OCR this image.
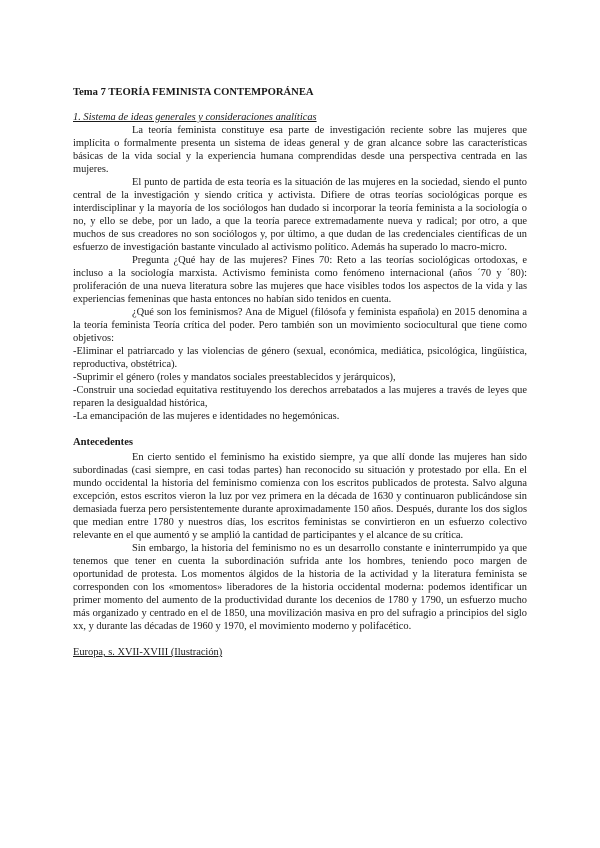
Tema 7 TEORÍA FEMINISTA CONTEMPORÁNEA
1. Sistema de ideas generales y consideraciones analíticas

La teoría feminista constituye esa parte de investigación reciente sobre las mujeres que implícita o formalmente presenta un sistema de ideas general y de gran alcance sobre las características básicas de la vida social y la experiencia humana comprendidas desde una perspectiva centrada en las mujeres.

El punto de partida de esta teoría es la situación de las mujeres en la sociedad, siendo el punto central de la investigación y siendo crítica y activista. Difiere de otras teorías sociológicas porque es interdisciplinar y la mayoría de los sociólogos han dudado si incorporar la teoría feminista a la sociología o no, y ello se debe, por un lado, a que la teoría parece extremadamente nueva y radical; por otro, a que muchos de sus creadores no son sociólogos y, por último, a que dudan de las credenciales científicas de un esfuerzo de investigación bastante vinculado al activismo político. Además ha superado lo macro-micro.

Pregunta ¿Qué hay de las mujeres? Fines 70: Reto a las teorías sociológicas ortodoxas, e incluso a la sociología marxista. Activismo feminista como fenómeno internacional (años ´70 y ´80): proliferación de una nueva literatura sobre las mujeres que hace visibles todos los aspectos de la vida y las experiencias femeninas que hasta entonces no habían sido tenidos en cuenta.

¿Qué son los feminismos? Ana de Miguel (filósofa y feminista española) en 2015 denomina a la teoría feminista Teoría crítica del poder. Pero también son un movimiento sociocultural que tiene como objetivos:

-Eliminar el patriarcado y las violencias de género (sexual, económica, mediática, psicológica, lingüística, reproductiva, obstétrica).
-Suprimir el género (roles y mandatos sociales preestablecidos y jerárquicos),
-Construir una sociedad equitativa restituyendo los derechos arrebatados a las mujeres a través de leyes que reparen la desigualdad histórica,
-La emancipación de las mujeres e identidades no hegemónicas.
Antecedentes

En cierto sentido el feminismo ha existido siempre, ya que allí donde las mujeres han sido subordinadas (casi siempre, en casi todas partes) han reconocido su situación y protestado por ella. En el mundo occidental la historia del feminismo comienza con los escritos publicados de protesta. Salvo alguna excepción, estos escritos vieron la luz por vez primera en la década de 1630 y continuaron publicándose sin demasiada fuerza pero persistentemente durante aproximadamente 150 años. Después, durante los dos siglos que median entre 1780 y nuestros días, los escritos feministas se convirtieron en un esfuerzo colectivo relevante en el que aumentó y se amplió la cantidad de participantes y el alcance de su crítica.

Sin embargo, la historia del feminismo no es un desarrollo constante e ininterrumpido ya que tenemos que tener en cuenta la subordinación sufrida ante los hombres, teniendo poco margen de oportunidad de protesta. Los momentos álgidos de la historia de la actividad y la literatura feminista se corresponden con los «momentos» liberadores de la historia occidental moderna: podemos identificar un primer momento del aumento de la productividad durante los decenios de 1780 y 1790, un esfuerzo mucho más organizado y centrado en el de 1850, una movilización masiva en pro del sufragio a principios del siglo xx, y durante las décadas de 1960 y 1970, el movimiento moderno y polifacético.

Europa, s. XVII-XVIII (Ilustración)
